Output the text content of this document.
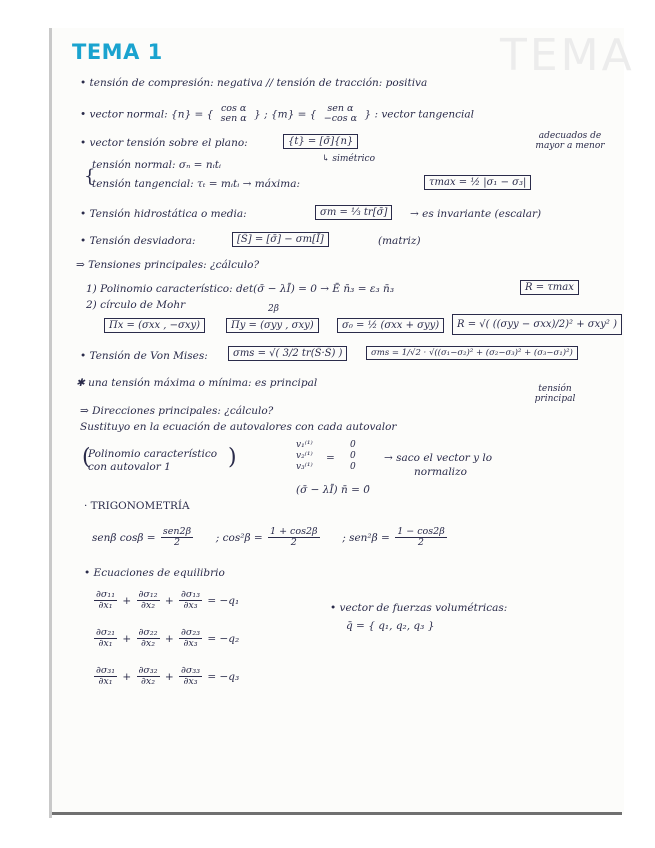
TEMA
TEMA 1
• tensión de compresión: negativa // tensión de tracción: positiva
• vector normal: {n} = { cos α
sen α } ; {m} = {	sen α
−cos α } : vector tangencial
• vector tensión sobre el plano:	{t} = [σ̄]{n}
↳ simétrico
adecuados de mayor a menor
tensión normal: σₙ = nᵢtᵢ
tensión tangencial: τₜ = mᵢtᵢ → máxima:	τmax = ½ |σ₁ − σ₃|
{
• Tensión hidrostática o media:	σm = ⅓ tr[σ̄]	→ es invariante (escalar)
• Tensión desviadora:	[S̄] = [σ̄] − σm[Ī]	(matriz)
⇒ Tensiones principales: ¿cálculo?
1) Polinomio característico: det(σ̄ − λĪ) = 0 → Ē n̄₃ = ε₃ n̄₃	R = τmax
2) círculo de Mohr	2β
Πx = (σxx , −σxy)	Πy = (σyy , σxy)	σ₀ = ½ (σxx + σyy)	R = √( ((σyy − σxx)/2)² + σxy² )
• Tensión de Von Mises:	σms = √( 3/2 tr(S̄·S̄) )	σms = 1/√2 · √((σ₁−σ₂)² + (σ₂−σ₃)² + (σ₃−σ₁)²)
✱ una tensión máxima o mínima: es principal	tensión principal
⇒ Direcciones principales: ¿cálculo?
Sustituyo en la ecuación de autovalores con cada autovalor
(
Polinomio característico
con autovalor 1	)	v₁⁽¹⁾
v₂⁽¹⁾
v₃⁽¹⁾
=
0
0
0
→ saco el vector y lo
normalizo
(σ̄ − λĪ) n̄ = 0̄
· TRIGONOMETRÍA
senβ $\cos\beta = \frac{\text{sen2β}}{2}$ ; $\cos^2\beta = \frac{1 + \cos 2\beta}{2}$ ; $sen^2\beta = \frac{1 - \cos 2\beta}{2}$
• Ecuaciones de equilibrio
$\frac{\text{∂σ₁₁}}{\text{∂x₁}} + \frac{\text{∂σ₁₂}}{\text{∂x₂}} + \frac{\text{∂σ₁₃}}{\text{∂x₃}} = -q_1$
$\frac{\text{∂σ₂₁}}{\text{∂x₁}} + \frac{\text{∂σ₂₂}}{\text{∂x₂}} + \frac{\text{∂σ₂₃}}{\text{∂x₃}} = -q_2$
$\frac{\text{∂σ₃₁}}{\text{∂x₁}} + \frac{\text{∂σ₃₂}}{\text{∂x₂}} + \frac{\text{∂σ₃₃}}{\text{∂x₃}} = -q_3$
• vector de fuerzas volumétricas:
q̄ = { q₁, q₂, q₃ }
